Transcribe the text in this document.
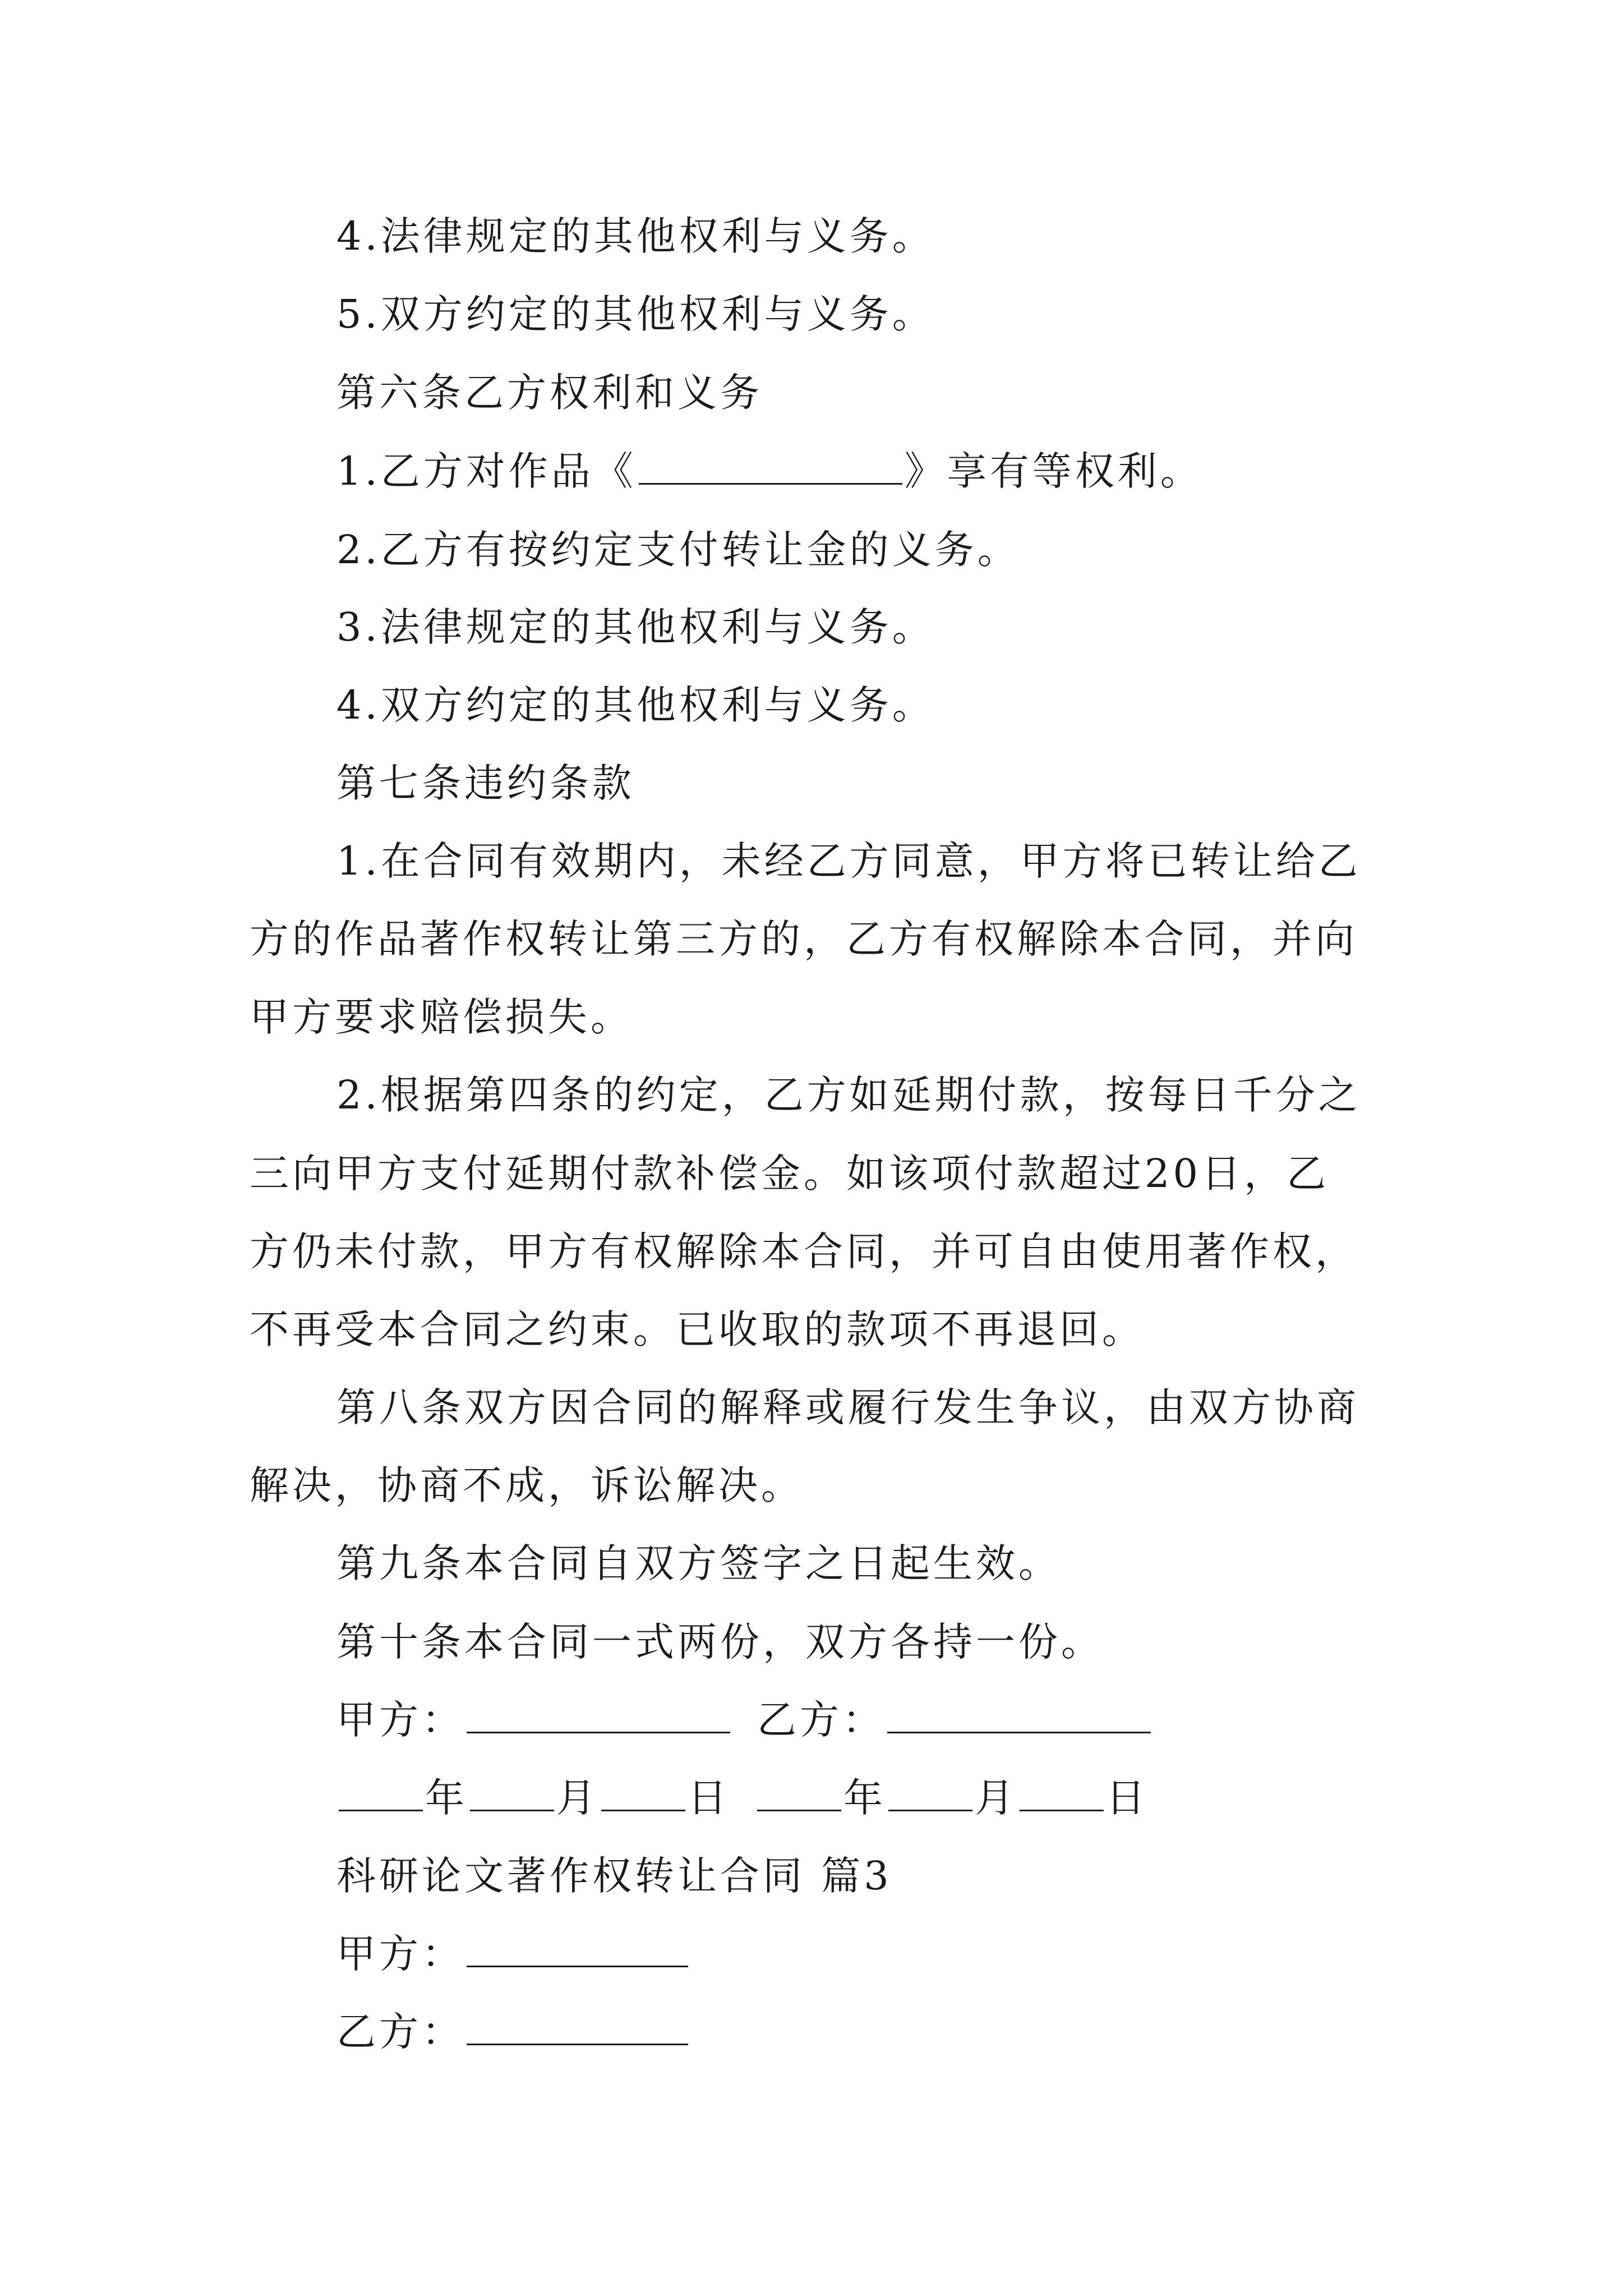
4.法律规定的其他权利与义务。
5.双方约定的其他权利与义务。
第六条乙方权利和义务
1.乙方对作品《	》享有等权利。
2.乙方有按约定支付转让金的义务。
3.法律规定的其他权利与义务。
4.双方约定的其他权利与义务。
第七条违约条款
1.在合同有效期内，未经乙方同意，甲方将已转让给乙
方的作品著作权转让第三方的，乙方有权解除本合同，并向
甲方要求赔偿损失。
2.根据第四条的约定，乙方如延期付款，按每日千分之
三向甲方支付延期付款补偿金。如该项付款超过20日，乙
方仍未付款，甲方有权解除本合同，并可自由使用著作权，
不再受本合同之约束。已收取的款项不再退回。
第八条双方因合同的解释或履行发生争议，由双方协商
解决，协商不成，诉讼解决。
第九条本合同自双方签字之日起生效。
第十条本合同一式两份，双方各持一份。
甲方：	乙方：
年 月 日	年 月 日
科研论文著作权转让合同 篇3
甲方：
乙方：
